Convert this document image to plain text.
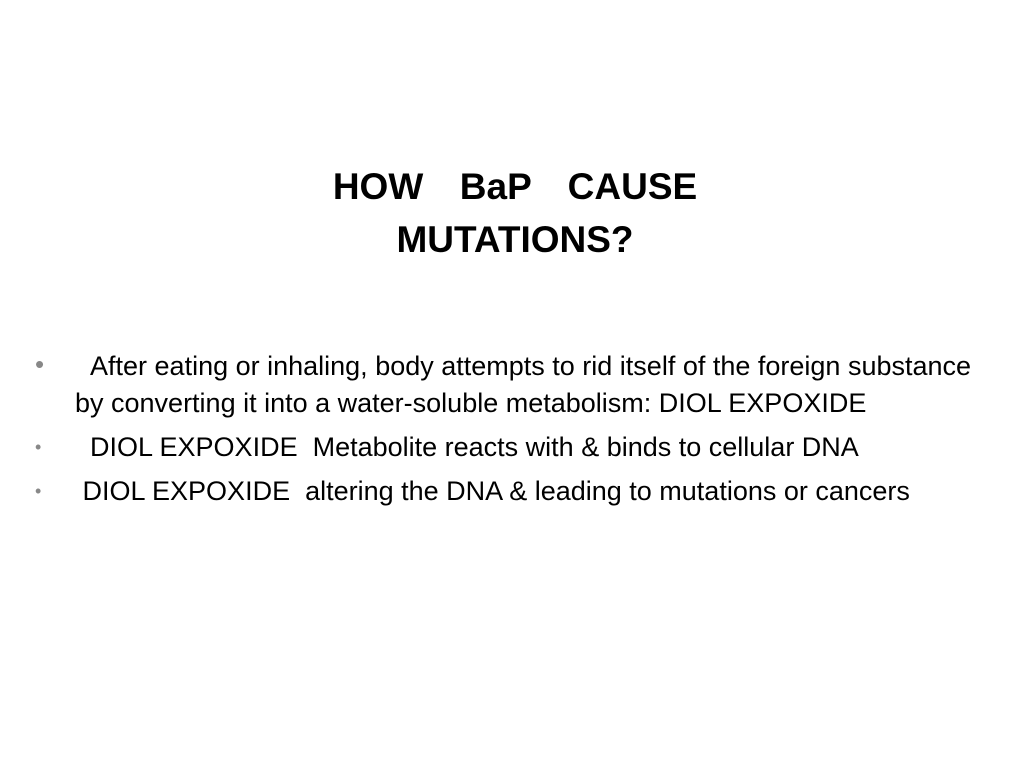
HOW  BaP  CAUSE
MUTATIONS?
• After eating or inhaling, body attempts to rid itself of the foreign substance by converting it into a water-soluble metabolism: DIOL EXPOXIDE
• DIOL EXPOXIDE  Metabolite reacts with & binds to cellular DNA
• DIOL EXPOXIDE  altering the DNA & leading to mutations or cancers
